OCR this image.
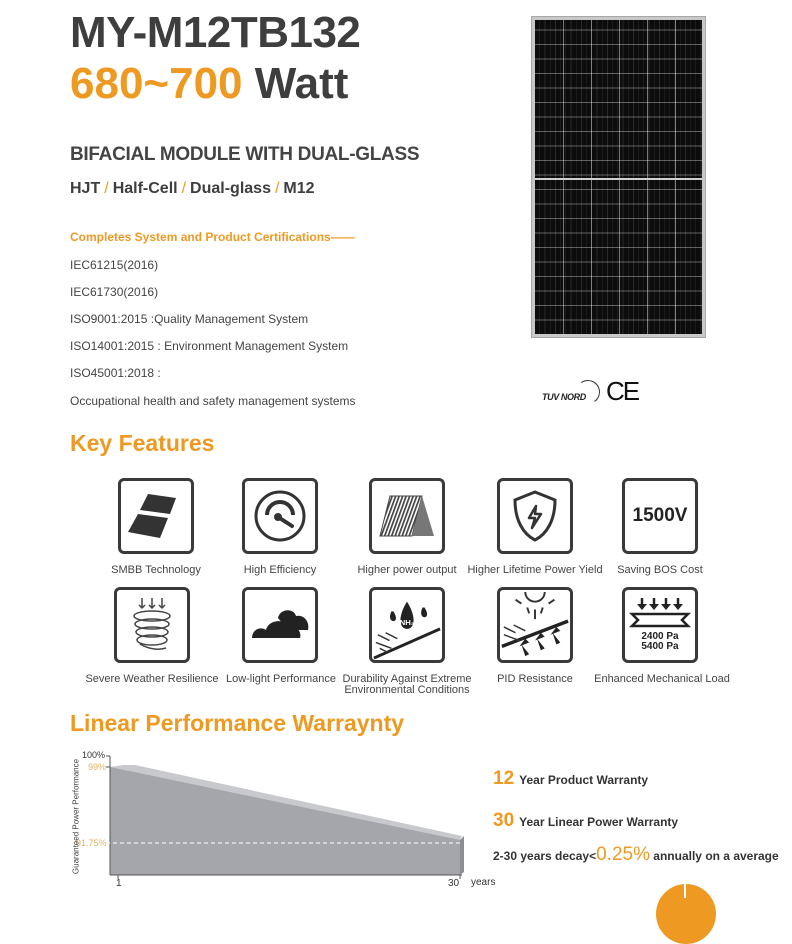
MY-M12TB132
680~700 Watt
BIFACIAL MODULE WITH DUAL-GLASS
HJT / Half-Cell / Dual-glass / M12
Completes System and Product Certifications——
IEC61215(2016)
IEC61730(2016)
ISO9001:2015 :Quality Management System
ISO14001:2015 : Environment Management System
ISO45001:2018 :
Occupational health and safety management systems	TUV NORD CE
Key Features
SMBB Technology	High Efficiency	Higher power output Higher Lifetime Power Yield
1500V
Saving BOS Cost
Severe Weather Resilience Low-light Performance
NH₃
Durability Against Extreme
Environmental Conditions
PID Resistance
2400 Pa
5400 Pa
Enhanced Mechanical Load
Linear Performance Warraynty
100%
99%
91.75%
Guaranteed Power Performance
1	30 years
12 Year Product Warranty
30 Year Linear Power Warranty
2-30 years decay<0.25% annually on a average
